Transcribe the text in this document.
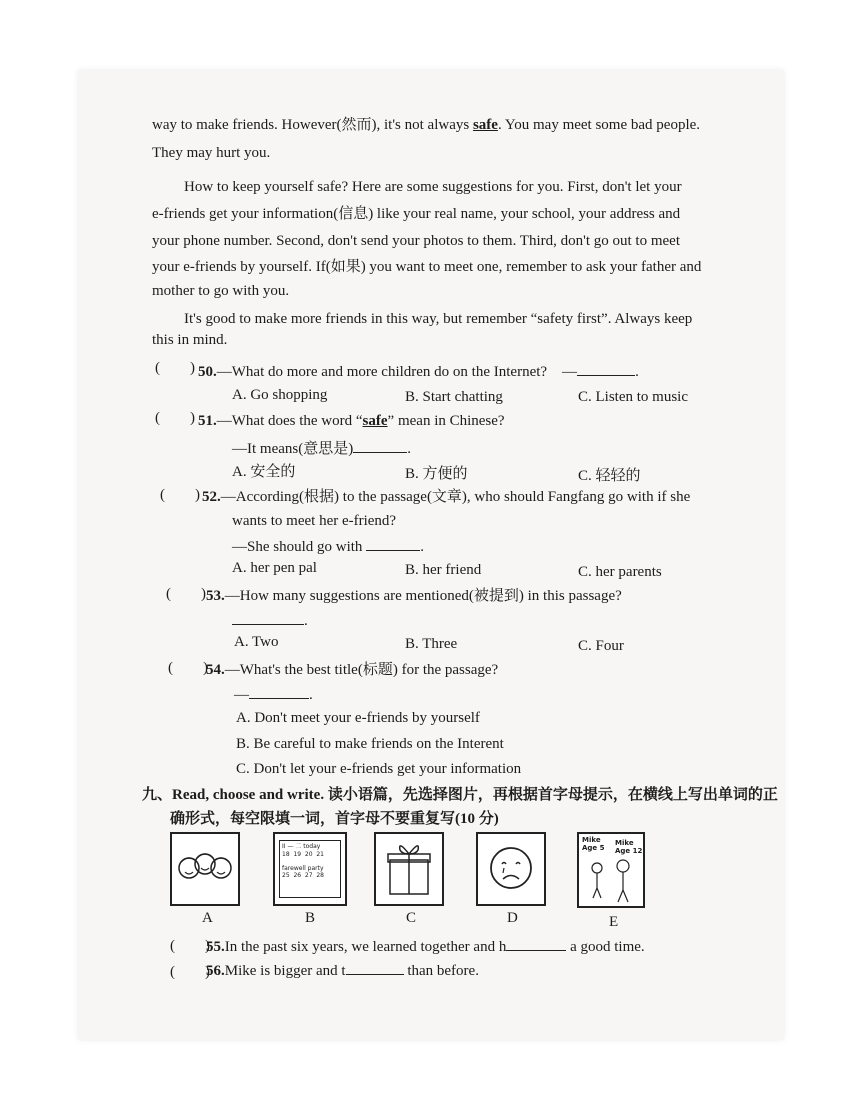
way to make friends. However(然而), it's not always safe. You may meet some bad people.
They may hurt you.
How to keep yourself safe? Here are some suggestions for you. First, don't let your
e-friends get your information(信息) like your real name, your school, your address and
your phone number. Second, don't send your photos to them. Third, don't go out to meet
your e-friends by yourself. If(如果) you want to meet one, remember to ask your father and
mother to go with you.
It's good to make more friends in this way, but remember “safety first”. Always keep
this in mind.
(  ) 50.—What do more and more children do on the Internet? —	.
A. Go shopping	B. Start chatting	C. Listen to music
(  ) 51.—What does the word “safe” mean in Chinese?
—It means(意思是)	.
A. 安全的	B. 方便的	C. 轻轻的
(  ) 52.—According(根据) to the passage(文章), who should Fangfang go with if she
wants to meet her e-friend?
—She should go with	.
A. her pen pal	B. her friend	C. her parents
(  ) 53.—How many suggestions are mentioned(被提到) in this passage?
.
A. Two	B. Three	C. Four
(  )
54.—What's the best title(标题) for the passage?
—	.
A. Don't meet your e-friends by yourself
B. Be careful to make friends on the Interent
C. Don't let your e-friends get your information
九、Read, choose and write. 读小语篇，先选择图片，再根据首字母提示，在横线上写出单词的正
确形式，每空限填一词，首字母不要重复写(10 分)
II — 二 today
18  19  20  21
farewell party
25  26  27  28
Mike
Age 5
Mike
Age 12
A	B	C	D	E
(  )
55.In the past six years, we learned together and h	a good time.
(  )
56.Mike is bigger and t	than before.
